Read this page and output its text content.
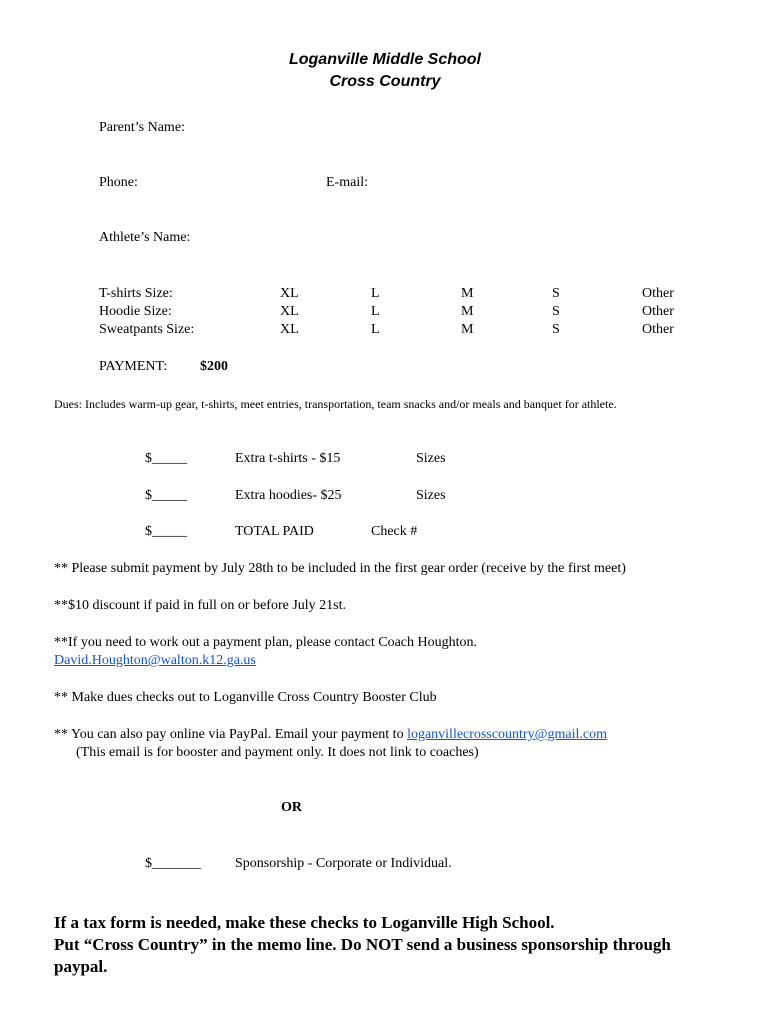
Loganville Middle School
Cross Country
Parent’s Name:
Phone:	E-mail:
Athlete’s Name:
T-shirts Size:	XL	L	M	S	Other
Hoodie Size:	XL	L	M	S	Other
Sweatpants Size:	XL	L	M	S	Other
PAYMENT: $200
Dues: Includes warm-up gear, t-shirts, meet entries, transportation, team snacks and/or meals and banquet for athlete.
$_____	Extra t-shirts - $15	Sizes
$_____	Extra hoodies- $25	Sizes
$_____	TOTAL PAID	Check #
** Please submit payment by July 28th to be included in the first gear order (receive by the first meet)
**$10 discount if paid in full on or before July 21st.
**If you need to work out a payment plan, please contact Coach Houghton.
David.Houghton@walton.k12.ga.us
** Make dues checks out to Loganville Cross Country Booster Club
** You can also pay online via PayPal. Email your payment to loganvillecrosscountry@gmail.com
(This email is for booster and payment only. It does not link to coaches)
OR
$_______ Sponsorship - Corporate or Individual.
If a tax form is needed, make these checks to Loganville High School.
Put “Cross Country” in the memo line. Do NOT send a business sponsorship through
paypal.
